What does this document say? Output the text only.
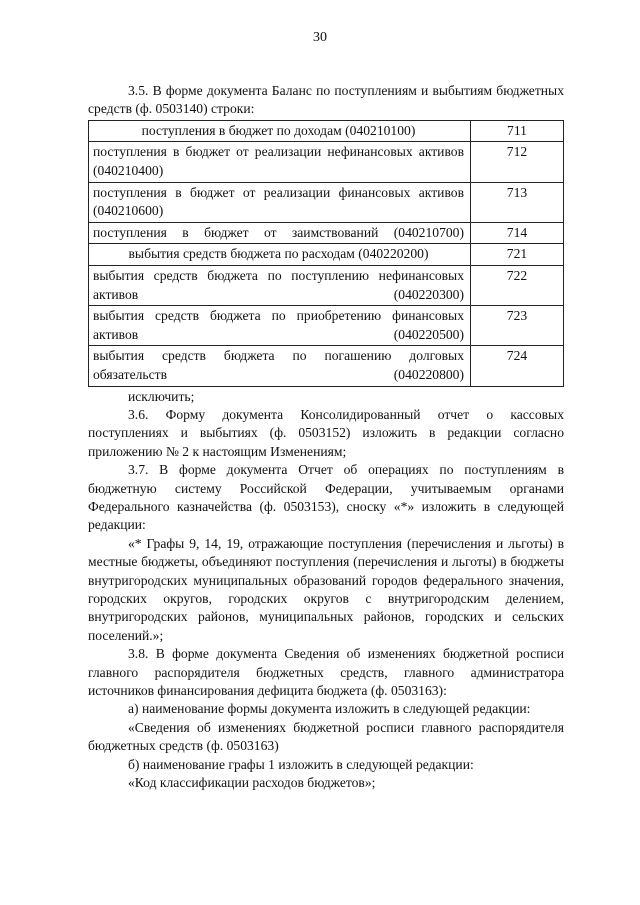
30

3.5. В форме документа Баланс по поступлениям и выбытиям бюджетных средств (ф. 0503140) строки:

поступления в бюджет по доходам (040210100)	711
поступления в бюджет от реализации нефинансовых активов (040210400)
712
поступления в бюджет от реализации финансовых активов (040210600)
713
поступления в бюджет от заимствований (040210700)	714
выбытия средств бюджета по расходам (040220200)	721
выбытия средств бюджета по поступлению нефинансовых активов (040220300)
722
выбытия средств бюджета по приобретению финансовых активов (040220500)
723
выбытия средств бюджета по погашению долговых обязательств (040220800)
724

исключить;

3.6. Форму документа Консолидированный отчет о кассовых поступлениях и выбытиях (ф. 0503152) изложить в редакции согласно приложению № 2 к настоящим Изменениям;

3.7. В форме документа Отчет об операциях по поступлениям в бюджетную систему Российской Федерации, учитываемым органами Федерального казначейства (ф. 0503153), сноску «*» изложить в следующей редакции:

«* Графы 9, 14, 19, отражающие поступления (перечисления и льготы) в местные бюджеты, объединяют поступления (перечисления и льготы) в бюджеты внутригородских муниципальных образований городов федерального значения, городских округов, городских округов с внутригородским делением, внутригородских районов, муниципальных районов, городских и сельских поселений.»;

3.8. В форме документа Сведения об изменениях бюджетной росписи главного распорядителя бюджетных средств, главного администратора источников финансирования дефицита бюджета (ф. 0503163):

а) наименование формы документа изложить в следующей редакции:

«Сведения об изменениях бюджетной росписи главного распорядителя бюджетных средств (ф. 0503163)

б) наименование графы 1 изложить в следующей редакции:

«Код классификации расходов бюджетов»;
